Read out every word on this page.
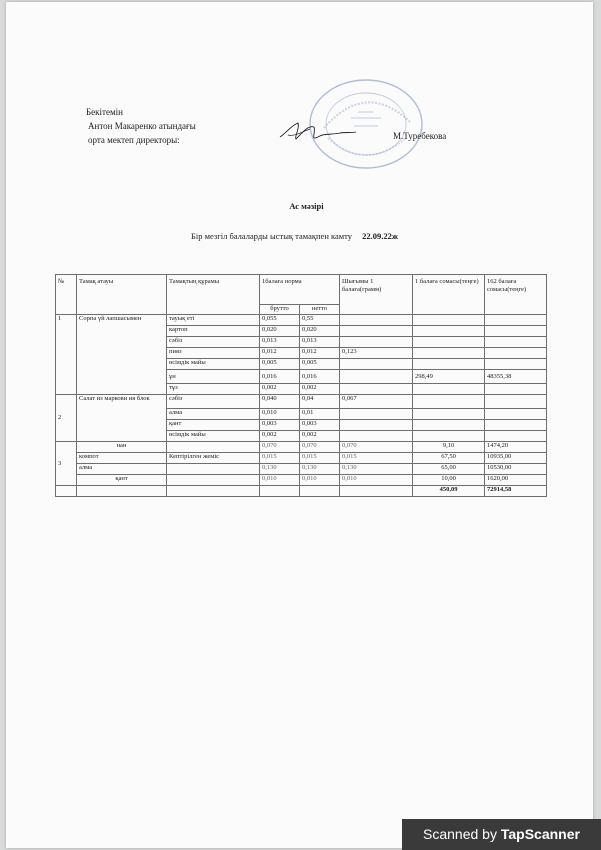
Бекітемін
Антон Макаренко атындағы
орта мектеп директоры:	М.Туребекова
Ас мәзірі
Бір мезгіл балаларды ыстық тамақпен камту 22.09.22ж
№	Тамақ атауы	Тамақтың құрамы	1балаға норма		Шығымы 1 балаға(грамм)	1 балаға сомасы(теңге)	162 балаға сомасы(теңге)
			брутто	нетто			
1	Сорпа үй лапшасымен	тауық еті	0,055	0,55			
		картоп	0,020	0,020			
		сәбіз	0,013	0,013			
		пияз	0,012	0,012	0,123		
		өсімдік майы	0,005	0,005			
		ұн	0,016	0,016		298,49	48355,38
		тұз	0,002	0,002			
2	Салат из маркови ия блок	сәбіз	0,040	0,04	0,067		
		алма	0,010	0,01			
		қант	0,003	0,003			
		өсімдік майы	0,002	0,002			
3	нан		0,070	0,070	0,070	9,10	1474,20
	компот	Кептірілген жеміс	0,015	0,015	0,015	67,50	10935,00
	алма		0,130	0,130	0,130	65,00	10530,00
	қант		0,010	0,010	0,010	10,00	1620,00
						450,09	72914,58
Scanned by TapScanner
